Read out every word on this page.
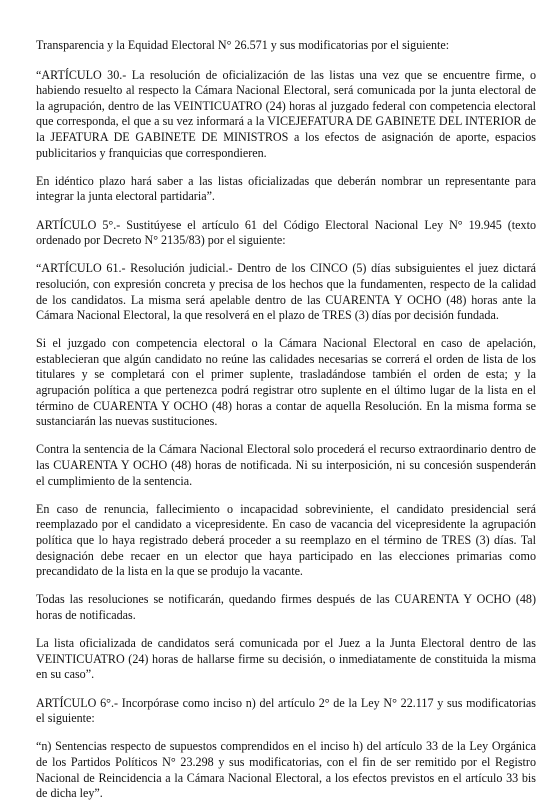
Transparencia y la Equidad Electoral N° 26.571 y sus modificatorias por el siguiente:

“ARTÍCULO 30.- La resolución de oficialización de las listas una vez que se encuentre firme, o habiendo resuelto al respecto la Cámara Nacional Electoral, será comunicada por la junta electoral de la agrupación, dentro de las VEINTICUATRO (24) horas al juzgado federal con competencia electoral que corresponda, el que a su vez informará a la VICEJEFATURA DE GABINETE DEL INTERIOR de la JEFATURA DE GABINETE DE MINISTROS a los efectos de asignación de aporte, espacios publicitarios y franquicias que correspondieren.

En idéntico plazo hará saber a las listas oficializadas que deberán nombrar un representante para integrar la junta electoral partidaria”.

ARTÍCULO 5°.- Sustitúyese el artículo 61 del Código Electoral Nacional Ley N° 19.945 (texto ordenado por Decreto N° 2135/83) por el siguiente:

“ARTÍCULO 61.- Resolución judicial.- Dentro de los CINCO (5) días subsiguientes el juez dictará resolución, con expresión concreta y precisa de los hechos que la fundamenten, respecto de la calidad de los candidatos. La misma será apelable dentro de las CUARENTA Y OCHO (48) horas ante la Cámara Nacional Electoral, la que resolverá en el plazo de TRES (3) días por decisión fundada.

Si el juzgado con competencia electoral o la Cámara Nacional Electoral en caso de apelación, establecieran que algún candidato no reúne las calidades necesarias se correrá el orden de lista de los titulares y se completará con el primer suplente, trasladándose también el orden de esta; y la agrupación política a que pertenezca podrá registrar otro suplente en el último lugar de la lista en el término de CUARENTA Y OCHO (48) horas a contar de aquella Resolución. En la misma forma se sustanciarán las nuevas sustituciones.

Contra la sentencia de la Cámara Nacional Electoral solo procederá el recurso extraordinario dentro de las CUARENTA Y OCHO (48) horas de notificada. Ni su interposición, ni su concesión suspenderán el cumplimiento de la sentencia.

En caso de renuncia, fallecimiento o incapacidad sobreviniente, el candidato presidencial será reemplazado por el candidato a vicepresidente. En caso de vacancia del vicepresidente la agrupación política que lo haya registrado deberá proceder a su reemplazo en el término de TRES (3) días. Tal designación debe recaer en un elector que haya participado en las elecciones primarias como precandidato de la lista en la que se produjo la vacante.

Todas las resoluciones se notificarán, quedando firmes después de las CUARENTA Y OCHO (48) horas de notificadas.

La lista oficializada de candidatos será comunicada por el Juez a la Junta Electoral dentro de las VEINTICUATRO (24) horas de hallarse firme su decisión, o inmediatamente de constituida la misma en su caso”.

ARTÍCULO 6°.- Incorpórase como inciso n) del artículo 2° de la Ley N° 22.117 y sus modificatorias el siguiente:

“n) Sentencias respecto de supuestos comprendidos en el inciso h) del artículo 33 de la Ley Orgánica de los Partidos Políticos N° 23.298 y sus modificatorias, con el fin de ser remitido por el Registro Nacional de Reincidencia a la Cámara Nacional Electoral, a los efectos previstos en el artículo 33 bis de dicha ley”.
